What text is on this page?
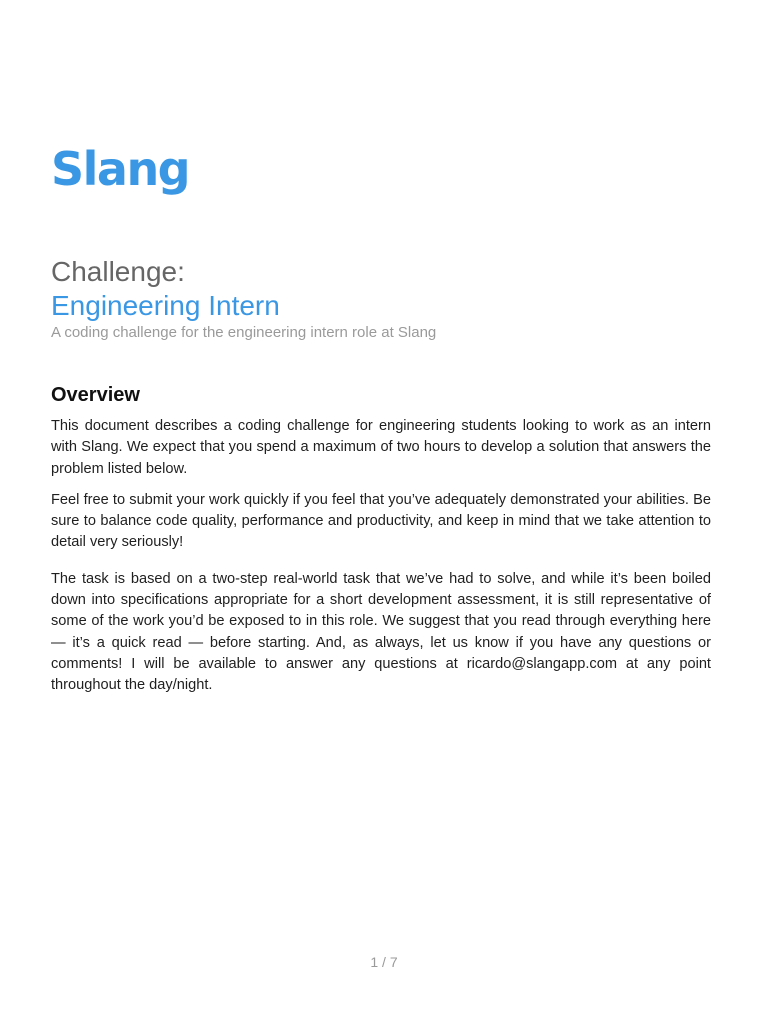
Slang
Challenge:
Engineering Intern
A coding challenge for the engineering intern role at Slang
Overview

This document describes a coding challenge for engineering students looking to work as an intern with Slang. We expect that you spend a maximum of two hours to develop a solution that answers the problem listed below.

Feel free to submit your work quickly if you feel that you’ve adequately demonstrated your abilities. Be sure to balance code quality, performance and productivity, and keep in mind that we take attention to detail very seriously!

The task is based on a two-step real-world task that we’ve had to solve, and while it’s been boiled down into specifications appropriate for a short development assessment, it is still representative of some of the work you’d be exposed to in this role. We suggest that you read through everything here — it’s a quick read — before starting. And, as always, let us know if you have any questions or comments! I will be available to answer any questions at ricardo@slangapp.com at any point throughout the day/night.

1 / 7
